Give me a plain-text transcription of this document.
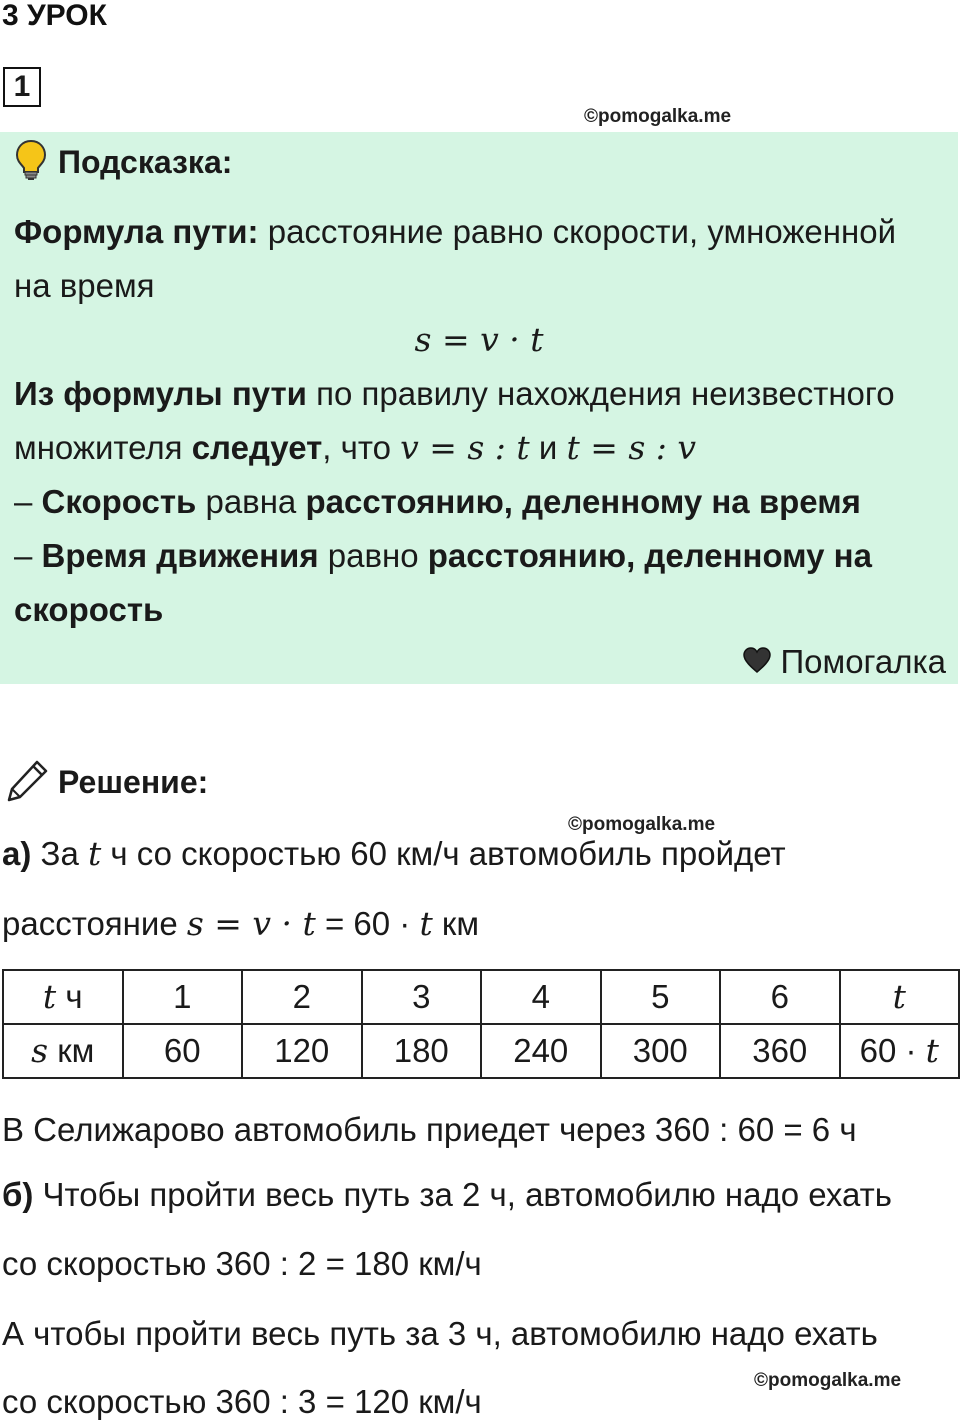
3 УРОК
1
©pomogalka.me
Подсказка:
Формула пути: расстояние равно скорости, умноженной
на время
s = v · t
Из формулы пути по правилу нахождения неизвестного
множителя следует, что v = s : t и t = s : v
– Скорость равна расстоянию, деленному на время
– Время движения равно расстоянию, деленному на
скорость
Помогалка
Решение:
©pomogalka.me
а) За t ч со скоростью 60 км/ч автомобиль пройдет
расстояние s = v · t = 60 · t км
t ч	1	2	3	4	5	6	t
s км	60	120	180	240	300	360	60 · t
В Селижарово автомобиль приедет через 360 : 60 = 6 ч
б) Чтобы пройти весь путь за 2 ч, автомобилю надо ехать
со скоростью 360 : 2 = 180 км/ч
А чтобы пройти весь путь за 3 ч, автомобилю надо ехать
©pomogalka.me
со скоростью 360 : 3 = 120 км/ч
